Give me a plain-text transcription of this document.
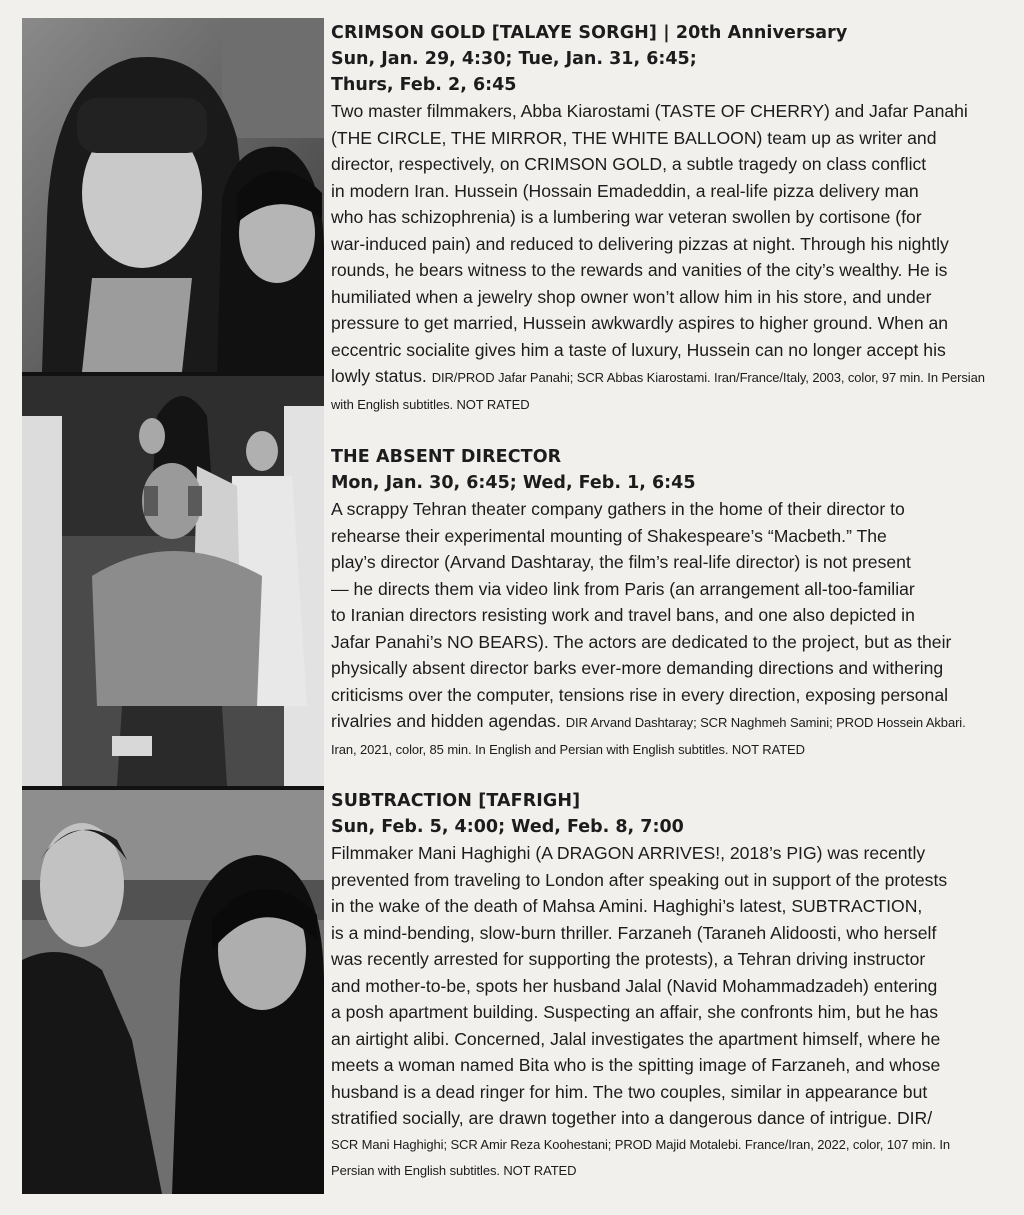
CRIMSON GOLD [TALAYE SORGH] | 20th Anniversary
Sun, Jan. 29, 4:30; Tue, Jan. 31, 6:45;
Thurs, Feb. 2, 6:45
Two master filmmakers, Abba Kiarostami (TASTE OF CHERRY) and Jafar Panahi
(THE CIRCLE, THE MIRROR, THE WHITE BALLOON) team up as writer and
director, respectively, on CRIMSON GOLD, a subtle tragedy on class conflict
in modern Iran. Hussein (Hossain Emadeddin, a real-life pizza delivery man
who has schizophrenia) is a lumbering war veteran swollen by cortisone (for
war-induced pain) and reduced to delivering pizzas at night. Through his nightly
rounds, he bears witness to the rewards and vanities of the city’s wealthy. He is
humiliated when a jewelry shop owner won’t allow him in his store, and under
pressure to get married, Hussein awkwardly aspires to higher ground. When an
eccentric socialite gives him a taste of luxury, Hussein can no longer accept his
lowly status. DIR/PROD Jafar Panahi; SCR Abbas Kiarostami. Iran/France/Italy, 2003, color, 97 min. In Persian
with English subtitles. NOT RATED
THE ABSENT DIRECTOR
Mon, Jan. 30, 6:45; Wed, Feb. 1, 6:45
A scrappy Tehran theater company gathers in the home of their director to
rehearse their experimental mounting of Shakespeare’s “Macbeth.” The
play’s director (Arvand Dashtaray, the film’s real-life director) is not present
— he directs them via video link from Paris (an arrangement all-too-familiar
to Iranian directors resisting work and travel bans, and one also depicted in
Jafar Panahi’s NO BEARS). The actors are dedicated to the project, but as their
physically absent director barks ever-more demanding directions and withering
criticisms over the computer, tensions rise in every direction, exposing personal
rivalries and hidden agendas. DIR Arvand Dashtaray; SCR Naghmeh Samini; PROD Hossein Akbari.
Iran, 2021, color, 85 min. In English and Persian with English subtitles. NOT RATED
SUBTRACTION [TAFRIGH]
Sun, Feb. 5, 4:00; Wed, Feb. 8, 7:00
Filmmaker Mani Haghighi (A DRAGON ARRIVES!, 2018’s PIG) was recently
prevented from traveling to London after speaking out in support of the protests
in the wake of the death of Mahsa Amini. Haghighi’s latest, SUBTRACTION,
is a mind-bending, slow-burn thriller. Farzaneh (Taraneh Alidoosti, who herself
was recently arrested for supporting the protests), a Tehran driving instructor
and mother-to-be, spots her husband Jalal (Navid Mohammadzadeh) entering
a posh apartment building. Suspecting an affair, she confronts him, but he has
an airtight alibi. Concerned, Jalal investigates the apartment himself, where he
meets a woman named Bita who is the spitting image of Farzaneh, and whose
husband is a dead ringer for him. The two couples, similar in appearance but
stratified socially, are drawn together into a dangerous dance of intrigue. DIR/
SCR Mani Haghighi; SCR Amir Reza Koohestani; PROD Majid Motalebi. France/Iran, 2022, color, 107 min. In
Persian with English subtitles. NOT RATED
